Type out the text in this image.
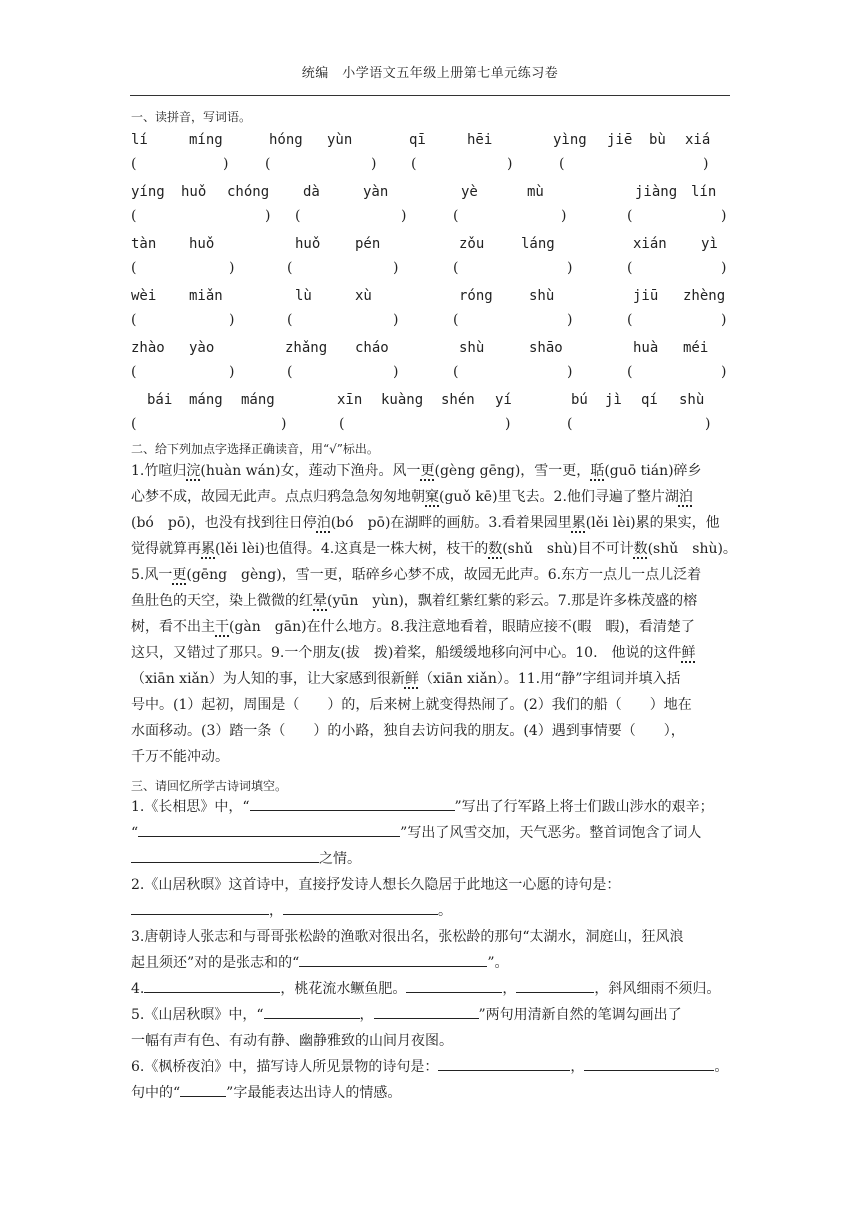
统编　小学语文五年级上册第七单元练习卷
一、读拼音，写词语。
lí	míng	hóng yùn	qī	hēi	yìng jiē bù xiá
(	)	(	) (	)	(	)
yíng huǒ chóng dà	yàn	yè	mù	jiàng lín
(	) (	)	(	)	(	)
tàn huǒ	huǒ pén	zǒu	láng	xián yì
(	)	(	)	(	)	(	)
wèi miǎn	lù	xù	róng	shù	jiū zhèng
(	)	(	)	(	)	(	)
zhào yào	zhǎng cháo	shù	shāo	huà méi
(	)	(	)	(	)	(	)
bái máng máng	xīn kuàng shén yí	bú jì qí shù
(	)	(	)	(	)
二、给下列加点字选择正确读音，用“√”标出。
1.竹喧归浣(huàn wán)女，莲动下渔舟。风一更(gèng gēng)，雪一更，聒(guō tián)碎乡
心梦不成，故园无此声。点点归鸦急急匆匆地朝窠(guǒ kē)里飞去。2.他们寻遍了整片湖泊
(bó　pō)，也没有找到往日停泊(bó　pō)在湖畔的画舫。3.看着果园里累(lěi lèi)累的果实，他
觉得就算再累(lěi lèi)也值得。4.这真是一株大树，枝干的数(shǔ　shù)目不可计数(shǔ　shù)。
5.风一更(gēng　gèng)，雪一更，聒碎乡心梦不成，故园无此声。6.东方一点儿一点儿泛着
鱼肚色的天空，染上微微的红晕(yūn　yùn)，飘着红紫红紫的彩云。7.那是许多株茂盛的榕
树，看不出主干(gàn　gān)在什么地方。8.我注意地看着，眼睛应接不(暇　暇)，看清楚了
这只，又错过了那只。9.一个朋友(拔　拨)着桨，船缓缓地移向河中心。10.　他说的这件鲜
（xiān xiǎn）为人知的事，让大家感到很新鲜（xiān xiǎn）。11.用“静”字组词并填入括
号中。(1）起初，周围是（　　）的，后来树上就变得热闹了。(2）我们的船（　　）地在
水面移动。(3）踏一条（　　）的小路，独自去访问我的朋友。(4）遇到事情要（　　），
千万不能冲动。
三、请回忆所学古诗词填空。
1.《长相思》中，“	”写出了行军路上将士们跋山涉水的艰辛；
“	”写出了风雪交加，天气恶劣。整首词饱含了词人
之情。
2.《山居秋暝》这首诗中，直接抒发诗人想长久隐居于此地这一心愿的诗句是：
，	。
3.唐朝诗人张志和与哥哥张松龄的渔歌对很出名，张松龄的那句“太湖水，洞庭山，狂风浪
起且须还”对的是张志和的“	”。
4.	，桃花流水鳜鱼肥。	，	，斜风细雨不须归。
5.《山居秋暝》中，“	，	”两句用清新自然的笔调勾画出了
一幅有声有色、有动有静、幽静雅致的山间月夜图。
6.《枫桥夜泊》中，描写诗人所见景物的诗句是：	，	。
句中的“	”字最能表达出诗人的情感。
